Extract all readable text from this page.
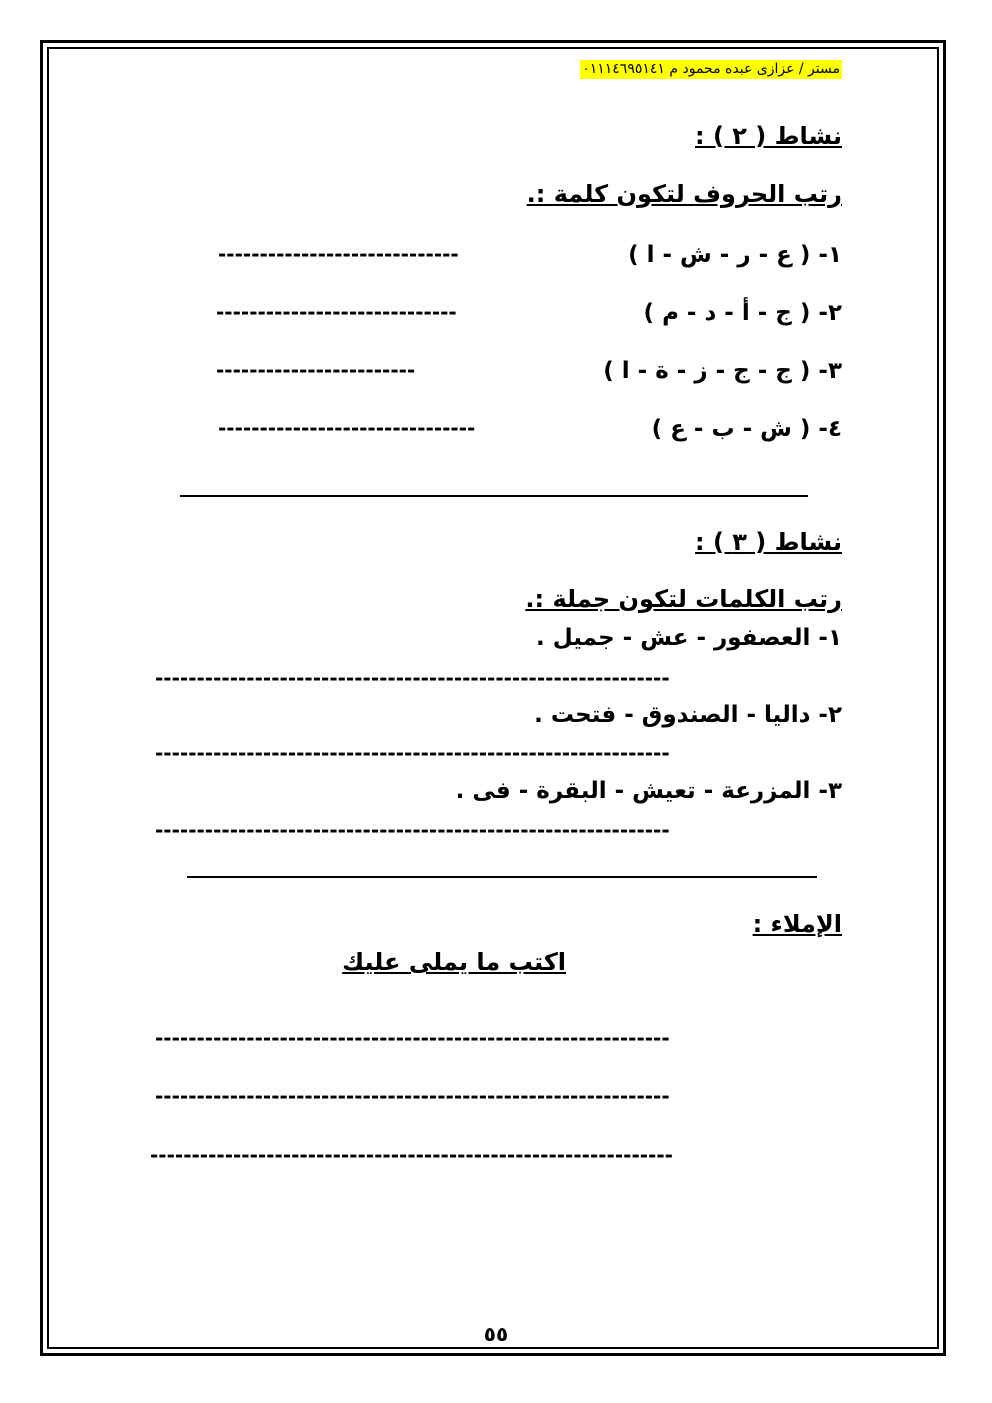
مستر / عزازى عبده محمود م ٠١١١٤٦٩٥١٤١
نشاط ( ٢ ) :
رتب الحروف لتكون كلمة :.
١- ( ع - ر - ش - ا )
-----------------------------
٢- ( ج - أ - د - م )
-----------------------------
٣- ( ج - ج - ز - ة - ا )
------------------------
٤- ( ش - ب - ع )
-------------------------------
نشاط ( ٣ ) :
رتب الكلمات لتكون جملة :.
١- العصفور - عش - جميل .
--------------------------------------------------------------
٢- داليا - الصندوق - فتحت .
--------------------------------------------------------------
٣- المزرعة - تعيش - البقرة - فى .
--------------------------------------------------------------
الإملاء :
اكتب ما يملى عليك
--------------------------------------------------------------
--------------------------------------------------------------
---------------------------------------------------------------
٥٥
